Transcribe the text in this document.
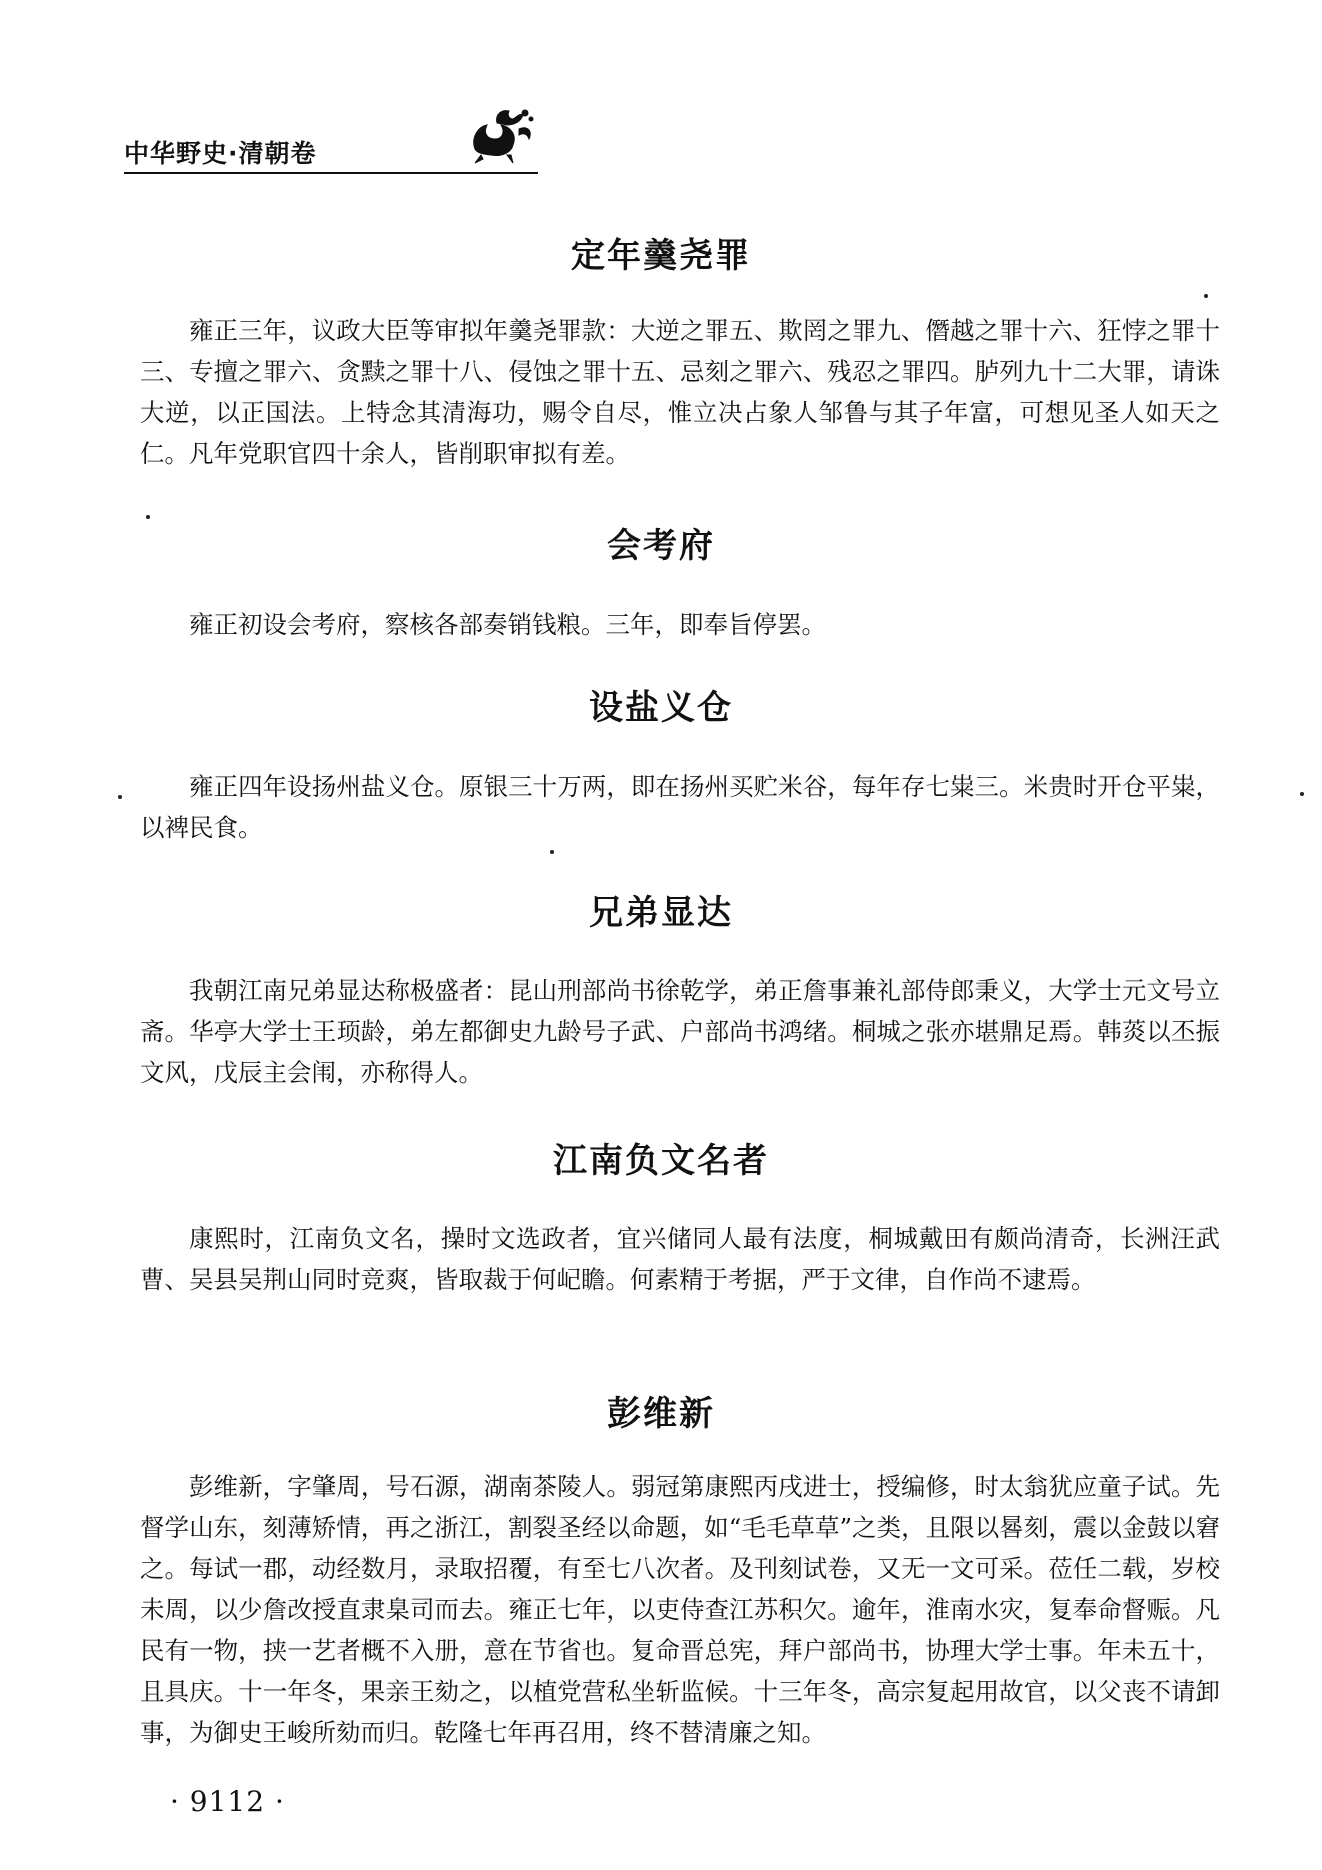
中华野史·清朝卷
定年羹尧罪

雍正三年，议政大臣等审拟年羹尧罪款：大逆之罪五、欺罔之罪九、僭越之罪十六、狂悖之罪十三、专擅之罪六、贪黩之罪十八、侵蚀之罪十五、忌刻之罪六、残忍之罪四。胪列九十二大罪，请诛大逆，以正国法。上特念其清海功，赐令自尽，惟立决占象人邹鲁与其子年富，可想见圣人如天之仁。凡年党职官四十余人，皆削职审拟有差。

会考府

雍正初设会考府，察核各部奏销钱粮。三年，即奉旨停罢。

设盐义仓

雍正四年设扬州盐义仓。原银三十万两，即在扬州买贮米谷，每年存七粜三。米贵时开仓平粜，以裨民食。

兄弟显达

我朝江南兄弟显达称极盛者：昆山刑部尚书徐乾学，弟正詹事兼礼部侍郎秉义，大学士元文号立斋。华亭大学士王顼龄，弟左都御史九龄号子武、户部尚书鸿绪。桐城之张亦堪鼎足焉。韩菼以丕振文风，戊辰主会闱，亦称得人。

江南负文名者

康熙时，江南负文名，操时文选政者，宜兴储同人最有法度，桐城戴田有颇尚清奇，长洲汪武曹、吴县吴荆山同时竞爽，皆取裁于何屺瞻。何素精于考据，严于文律，自作尚不逮焉。

彭维新

彭维新，字肇周，号石源，湖南茶陵人。弱冠第康熙丙戌进士，授编修，时太翁犹应童子试。先督学山东，刻薄矫情，再之浙江，割裂圣经以命题，如“毛毛草草”之类，且限以晷刻，震以金鼓以窘之。每试一郡，动经数月，录取招覆，有至七八次者。及刊刻试卷，又无一文可采。莅任二载，岁校未周，以少詹改授直隶臬司而去。雍正七年，以吏侍查江苏积欠。逾年，淮南水灾，复奉命督赈。凡民有一物，挟一艺者概不入册，意在节省也。复命晋总宪，拜户部尚书，协理大学士事。年未五十，且具庆。十一年冬，果亲王劾之，以植党营私坐斩监候。十三年冬，高宗复起用故官，以父丧不请卸事，为御史王峻所劾而归。乾隆七年再召用，终不替清廉之知。

· 9112 ·
